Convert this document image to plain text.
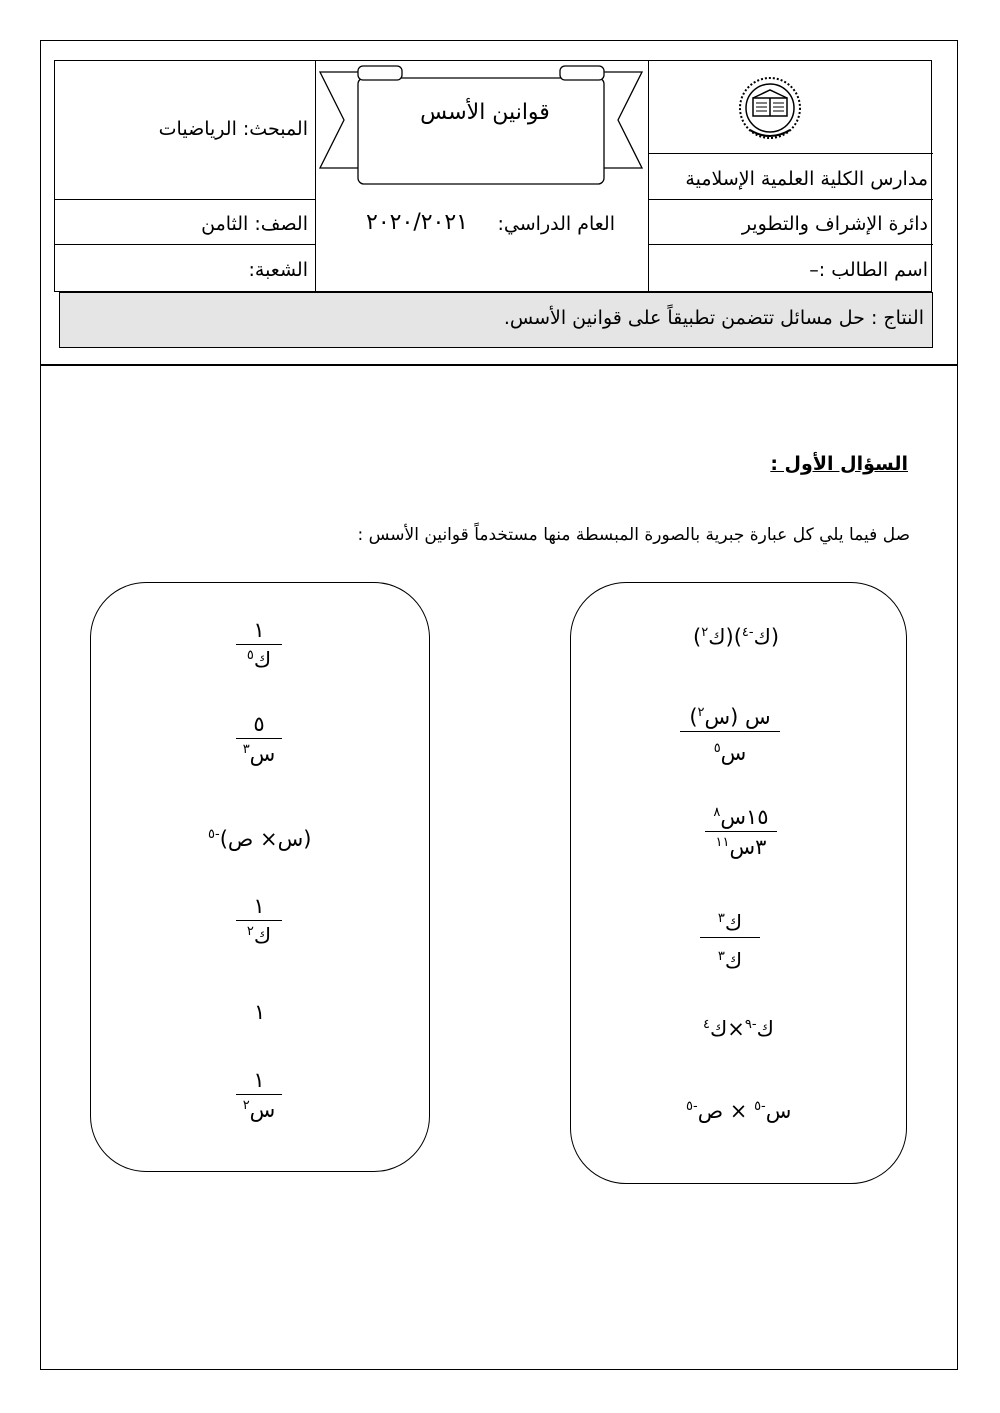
قوانين الأسس
المبحث: الرياضيات
مدارس الكلية العلمية الإسلامية
دائرة الإشراف والتطوير
العام الدراسي:
٢٠٢٠/٢٠٢١
الصف: الثامن
اسم الطالب :–
الشعبة:
النتاج : حل مسائل تتضمن تطبيقاً على قوانين الأسس.
السؤال الأول :
صل فيما يلي كل عبارة جبرية بالصورة المبسطة منها مستخدماً قوانين الأسس :
(ك$^{-٤}$)(ك$^٢$)
س (س$^٢$)
س$^٥$
١٥س$^٨$
٣س$^{١١}$
ك$^٣$
ك$^٣$
ك$^{-٩}$×ك$^٤$
س$^{-٥}$ × ص$^{-٥}$
١
ك$^٥$
٥
س$^٣$
(س× ص)$^{-٥}$
١
ك$^٢$
١
١
س$^٢$
